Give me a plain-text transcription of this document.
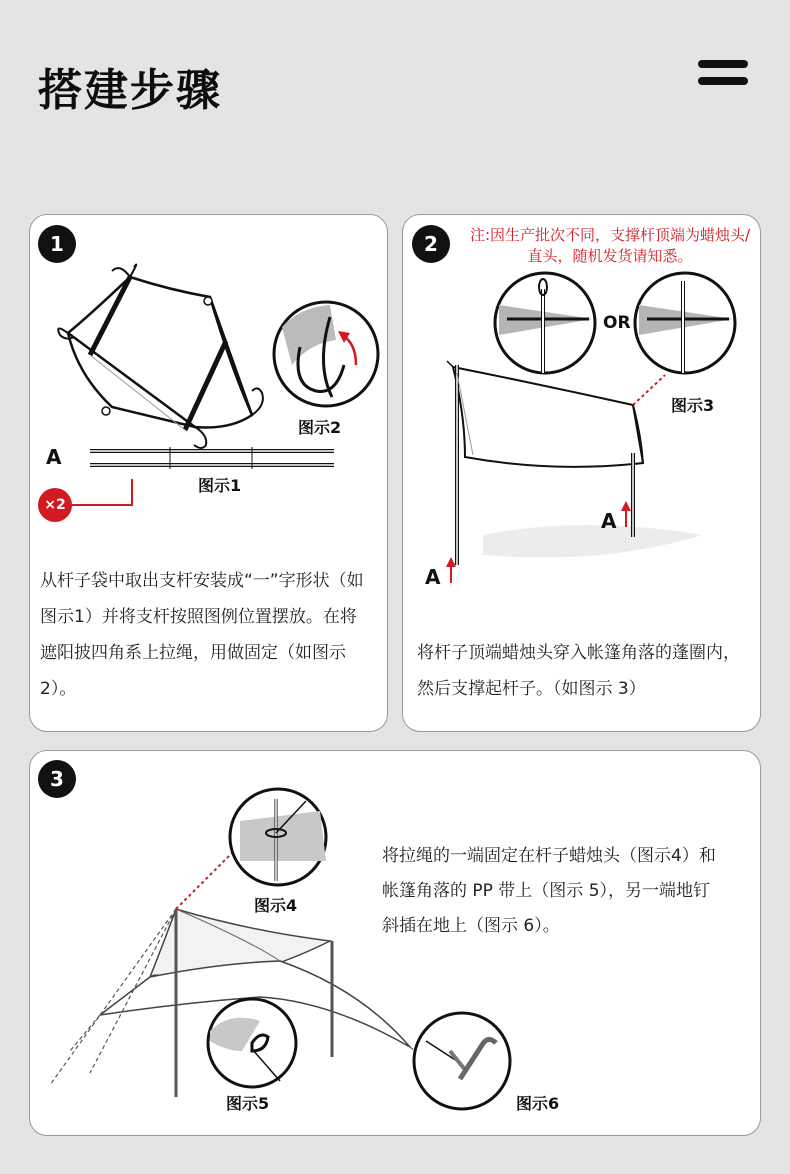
搭建步骤
1
图示2
A
图示1
×2
从杆子袋中取出支杆安装成“一”字形状（如图示1）并将支杆按照图例位置摆放。在将遮阳披四角系上拉绳，用做固定（如图示2）。
2	注:因生产批次不同，支撑杆顶端为蜡烛头/直头，随机发货请知悉。
OR
图示3
A
A
将杆子顶端蜡烛头穿入帐篷角落的蓬圈内，然后支撑起杆子。（如图示 3）
3
图示4
图示5	图示6
将拉绳的一端固定在杆子蜡烛头（图示4）和帐篷角落的 PP 带上（图示 5），另一端地钉斜插在地上（图示 6）。
